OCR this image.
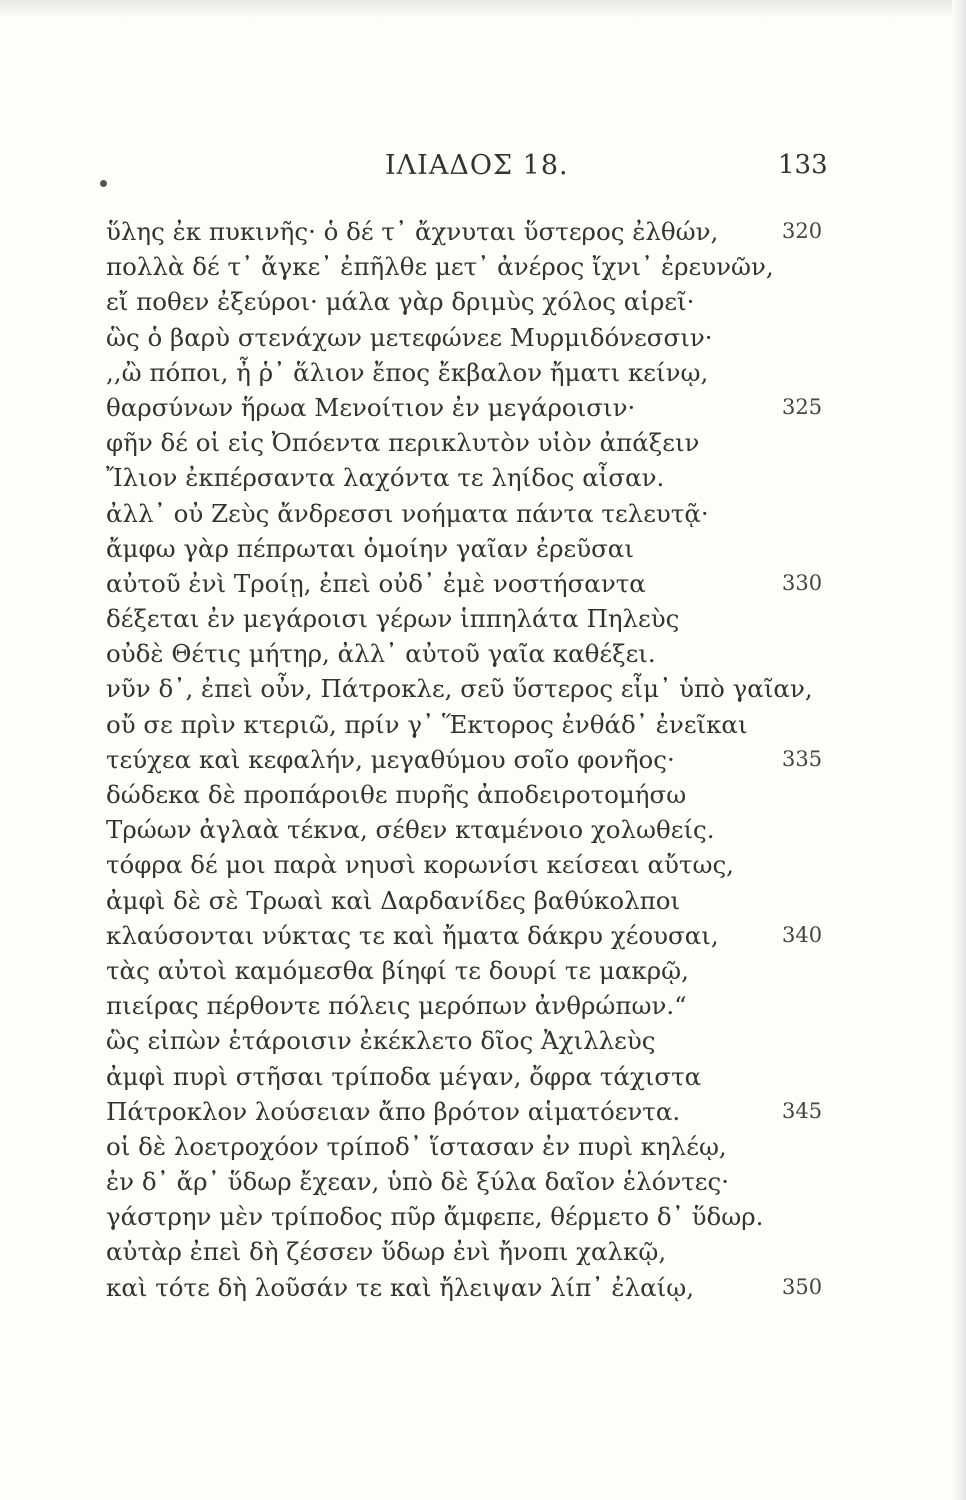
ΙΛΙΑΔΟΣ 18.	133
ὕλης ἐκ πυκινῆς· ὁ δέ τ᾽ ἄχνυται ὕστερος ἐλθών,	320
πολλὰ δέ τ᾽ ἄγκε᾽ ἐπῆλθε μετ᾽ ἀνέρος ἴχνι᾽ ἐρευνῶν,
εἴ ποθεν ἐξεύροι· μάλα γὰρ δριμὺς χόλος αἱρεῖ·
ὣς ὁ βαρὺ στενάχων μετεφώνεε Μυρμιδόνεσσιν·
,,ὢ πόποι, ἦ ῥ᾽ ἅλιον ἔπος ἔκβαλον ἤματι κείνῳ,
θαρσύνων ἥρωα Μενοίτιον ἐν μεγάροισιν·	325
φῆν δέ οἱ εἰς Ὀπόεντα περικλυτὸν υἱὸν ἀπάξειν
Ἴλιον ἐκπέρσαντα λαχόντα τε ληίδος αἶσαν.
ἀλλ᾽ οὐ Ζεὺς ἄνδρεσσι νοήματα πάντα τελευτᾷ·
ἄμφω γὰρ πέπρωται ὁμοίην γαῖαν ἐρεῦσαι
αὐτοῦ ἐνὶ Τροίῃ, ἐπεὶ οὐδ᾽ ἐμὲ νοστήσαντα	330
δέξεται ἐν μεγάροισι γέρων ἱππηλάτα Πηλεὺς
οὐδὲ Θέτις μήτηρ, ἀλλ᾽ αὐτοῦ γαῖα καθέξει.
νῦν δ᾽, ἐπεὶ οὖν, Πάτροκλε, σεῦ ὕστερος εἶμ᾽ ὑπὸ γαῖαν,
οὔ σε πρὶν κτεριῶ, πρίν γ᾽ Ἕκτορος ἐνθάδ᾽ ἐνεῖκαι
τεύχεα καὶ κεφαλήν, μεγαθύμου σοῖο φονῆος·	335
δώδεκα δὲ προπάροιθε πυρῆς ἀποδειροτομήσω
Τρώων ἀγλαὰ τέκνα, σέθεν κταμένοιο χολωθείς.
τόφρα δέ μοι παρὰ νηυσὶ κορωνίσι κείσεαι αὔτως,
ἀμφὶ δὲ σὲ Τρωαὶ καὶ Δαρδανίδες βαθύκολποι
κλαύσονται νύκτας τε καὶ ἤματα δάκρυ χέουσαι,	340
τὰς αὐτοὶ καμόμεσθα βίηφί τε δουρί τε μακρῷ,
πιείρας πέρθοντε πόλεις μερόπων ἀνθρώπων.“
ὣς εἰπὼν ἑτάροισιν ἐκέκλετο δῖος Ἀχιλλεὺς
ἀμφὶ πυρὶ στῆσαι τρίποδα μέγαν, ὄφρα τάχιστα
Πάτροκλον λούσειαν ἄπο βρότον αἱματόεντα.	345
οἱ δὲ λοετροχόον τρίποδ᾽ ἵστασαν ἐν πυρὶ κηλέῳ,
ἐν δ᾽ ἄρ᾽ ὕδωρ ἔχεαν, ὑπὸ δὲ ξύλα δαῖον ἑλόντες·
γάστρην μὲν τρίποδος πῦρ ἄμφεπε, θέρμετο δ᾽ ὕδωρ.
αὐτὰρ ἐπεὶ δὴ ζέσσεν ὕδωρ ἐνὶ ἤνοπι χαλκῷ,
καὶ τότε δὴ λοῦσάν τε καὶ ἤλειψαν λίπ᾽ ἐλαίῳ,	350
